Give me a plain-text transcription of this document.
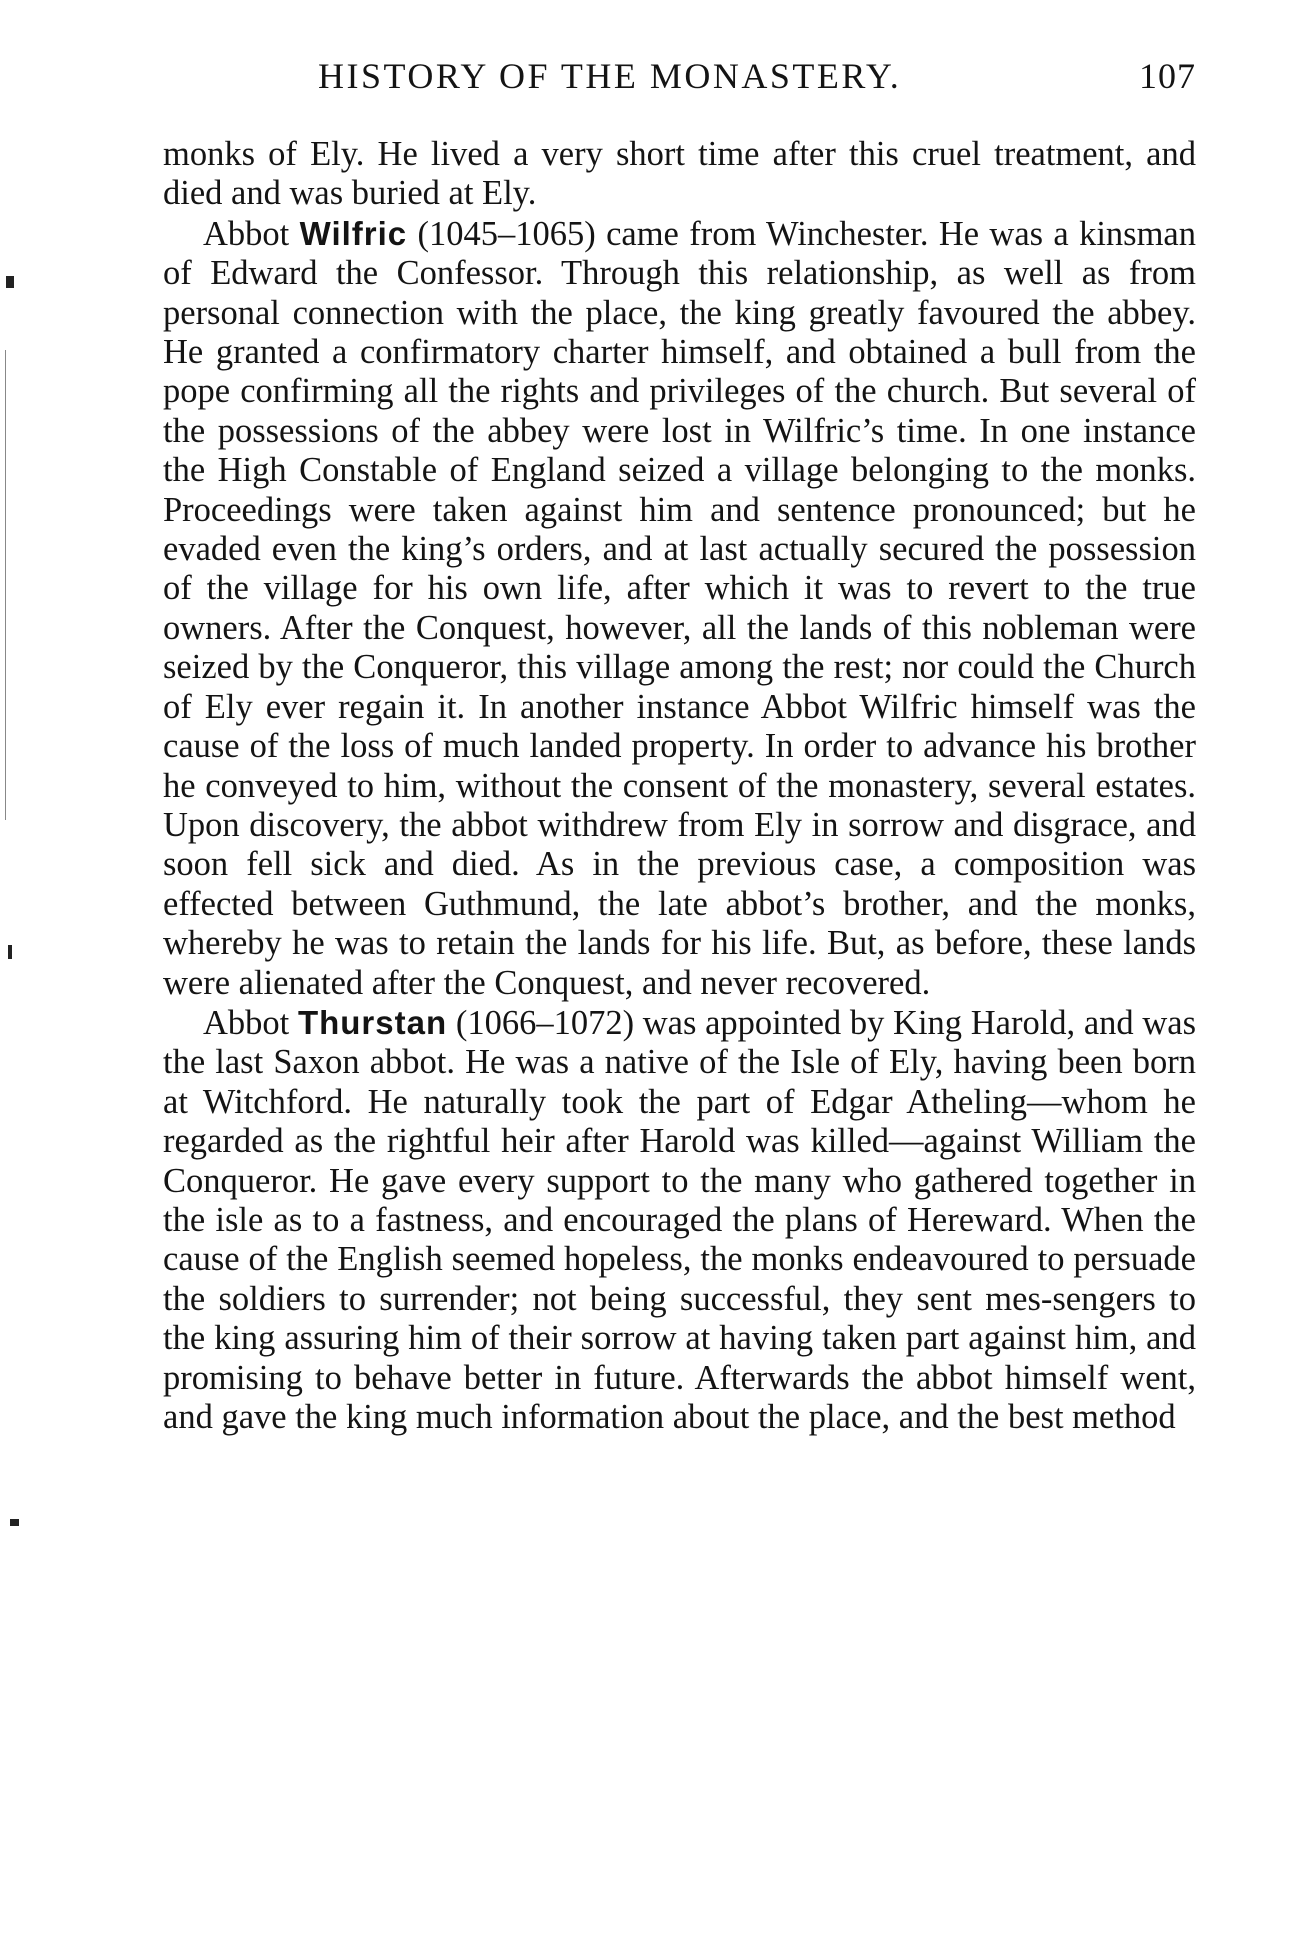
HISTORY OF THE MONASTERY.	107

monks of Ely. He lived a very short time after this cruel treatment, and died and was buried at Ely.

Abbot Wilfric (1045–1065) came from Winchester. He was a kinsman of Edward the Confessor. Through this relationship, as well as from personal connection with the place, the king greatly favoured the abbey. He granted a confirmatory charter himself, and obtained a bull from the pope confirming all the rights and privileges of the church. But several of the possessions of the abbey were lost in Wilfric’s time. In one instance the High Constable of England seized a village belonging to the monks. Proceedings were taken against him and sentence pronounced; but he evaded even the king’s orders, and at last actually secured the possession of the village for his own life, after which it was to revert to the true owners. After the Conquest, however, all the lands of this nobleman were seized by the Conqueror, this village among the rest; nor could the Church of Ely ever regain it. In another instance Abbot Wilfric himself was the cause of the loss of much landed property. In order to advance his brother he conveyed to him, without the consent of the monastery, several estates. Upon discovery, the abbot withdrew from Ely in sorrow and disgrace, and soon fell sick and died. As in the previous case, a composition was effected between Guthmund, the late abbot’s brother, and the monks, whereby he was to retain the lands for his life. But, as before, these lands were alienated after the Conquest, and never recovered.

Abbot Thurstan (1066–1072) was appointed by King Harold, and was the last Saxon abbot. He was a native of the Isle of Ely, having been born at Witchford. He naturally took the part of Edgar Atheling—whom he regarded as the rightful heir after Harold was killed—against William the Conqueror. He gave every support to the many who gathered together in the isle as to a fastness, and encouraged the plans of Hereward. When the cause of the English seemed hopeless, the monks endeavoured to persuade the soldiers to surrender; not being successful, they sent mes-sengers to the king assuring him of their sorrow at having taken part against him, and promising to behave better in future. Afterwards the abbot himself went, and gave the king much information about the place, and the best method
